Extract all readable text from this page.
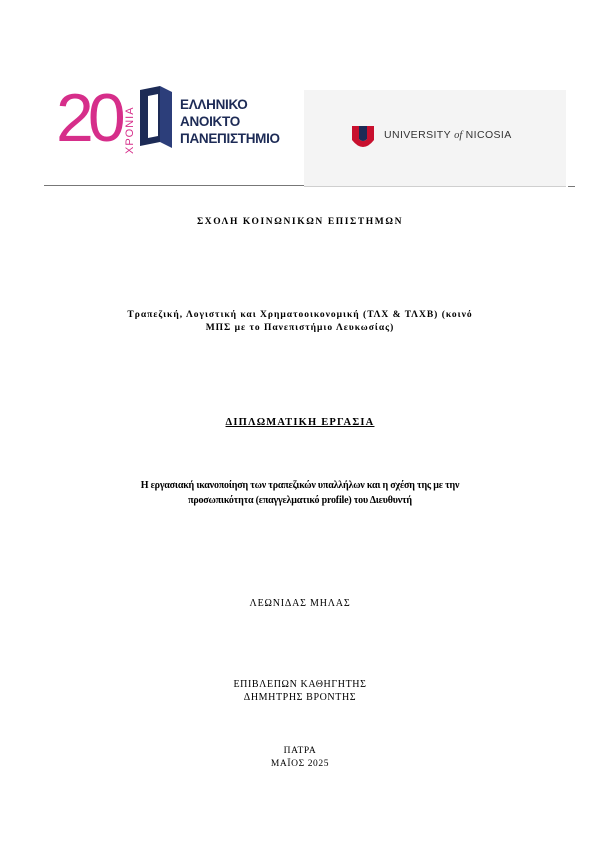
20 ΧΡΟΝΙΑ
ΕΛΛΗΝΙΚΟ
ΑΝΟΙΚΤΟ
ΠΑΝΕΠΙΣΤΗΜΙΟ	UNIVERSITY of NICOSIA
ΣΧΟΛΗ ΚΟΙΝΩΝΙΚΩΝ ΕΠΙΣΤΗΜΩΝ
Τραπεζική, Λογιστική και Χρηματοοικονομική (ΤΛΧ & ΤΛΧΒ) (κοινό
ΜΠΣ με το Πανεπιστήμιο Λευκωσίας)
ΔΙΠΛΩΜΑΤΙΚΗ ΕΡΓΑΣΙΑ
Η εργασιακή ικανοποίηση των τραπεζικών υπαλλήλων και η σχέση της με την
προσωπικότητα (επαγγελματικό profile) του Διευθυντή
ΛΕΩΝΙΔΑΣ ΜΗΛΑΣ
ΕΠΙΒΛΕΠΩΝ ΚΑΘΗΓΗΤΗΣ
ΔΗΜΗΤΡΗΣ ΒΡΟΝΤΗΣ
ΠΑΤΡΑ
ΜΑΪΟΣ 2025
